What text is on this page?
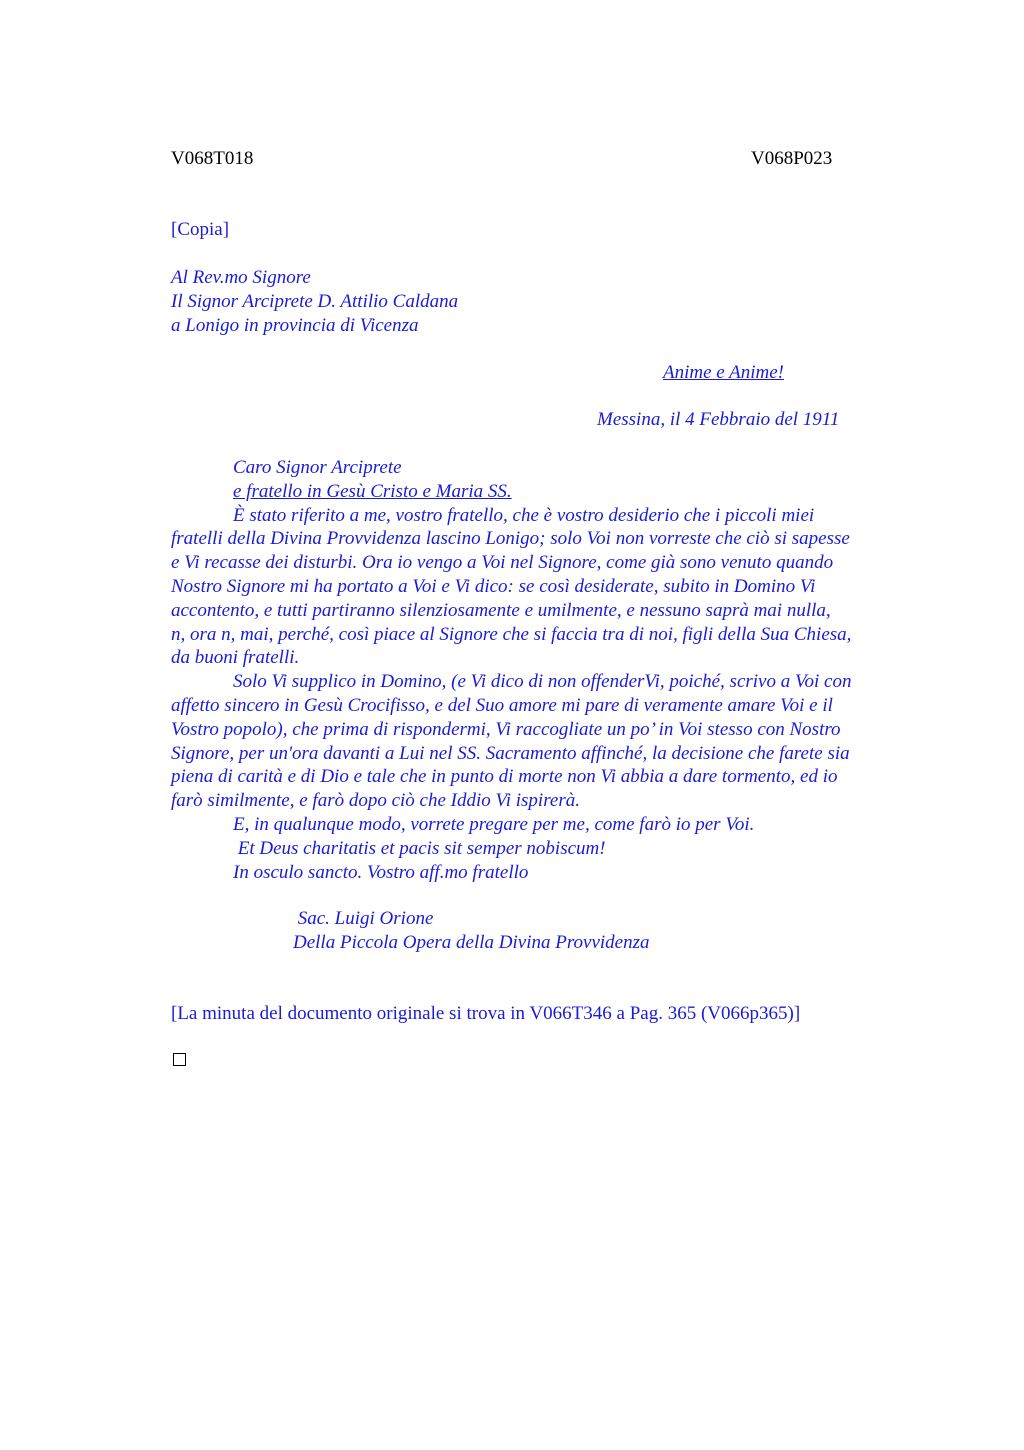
V068T018	V068P023
[Copia]
Al Rev.mo Signore
Il Signor Arciprete D. Attilio Caldana
a Lonigo in provincia di Vicenza
Anime e Anime!
Messina, il 4 Febbraio del 1911
Caro Signor Arciprete
e fratello in Gesù Cristo e Maria SS.
È stato riferito a me, vostro fratello, che è vostro desiderio che i piccoli miei
fratelli della Divina Provvidenza lascino Lonigo; solo Voi non vorreste che ciò si sapesse
e Vi recasse dei disturbi. Ora io vengo a Voi nel Signore, come già sono venuto quando
Nostro Signore mi ha portato a Voi e Vi dico: se così desiderate, subito in Domino Vi
accontento, e tutti partiranno silenziosamente e umilmente, e nessuno saprà mai nulla,
n, ora n, mai, perché, così piace al Signore che si faccia tra di noi, figli della Sua Chiesa,
da buoni fratelli.
Solo Vi supplico in Domino, (e Vi dico di non offenderVi, poiché, scrivo a Voi con
affetto sincero in Gesù Crocifisso, e del Suo amore mi pare di veramente amare Voi e il
Vostro popolo), che prima di rispondermi, Vi raccogliate un po’ in Voi stesso con Nostro
Signore, per un'ora davanti a Lui nel SS. Sacramento affinché, la decisione che farete sia
piena di carità e di Dio e tale che in punto di morte non Vi abbia a dare tormento, ed io
farò similmente, e farò dopo ciò che Iddio Vi ispirerà.
E, in qualunque modo, vorrete pregare per me, come farò io per Voi.
Et Deus charitatis et pacis sit semper nobiscum!
In osculo sancto. Vostro aff.mo fratello
Sac. Luigi Orione
Della Piccola Opera della Divina Provvidenza
[La minuta del documento originale si trova in V066T346 a Pag. 365 (V066p365)]
